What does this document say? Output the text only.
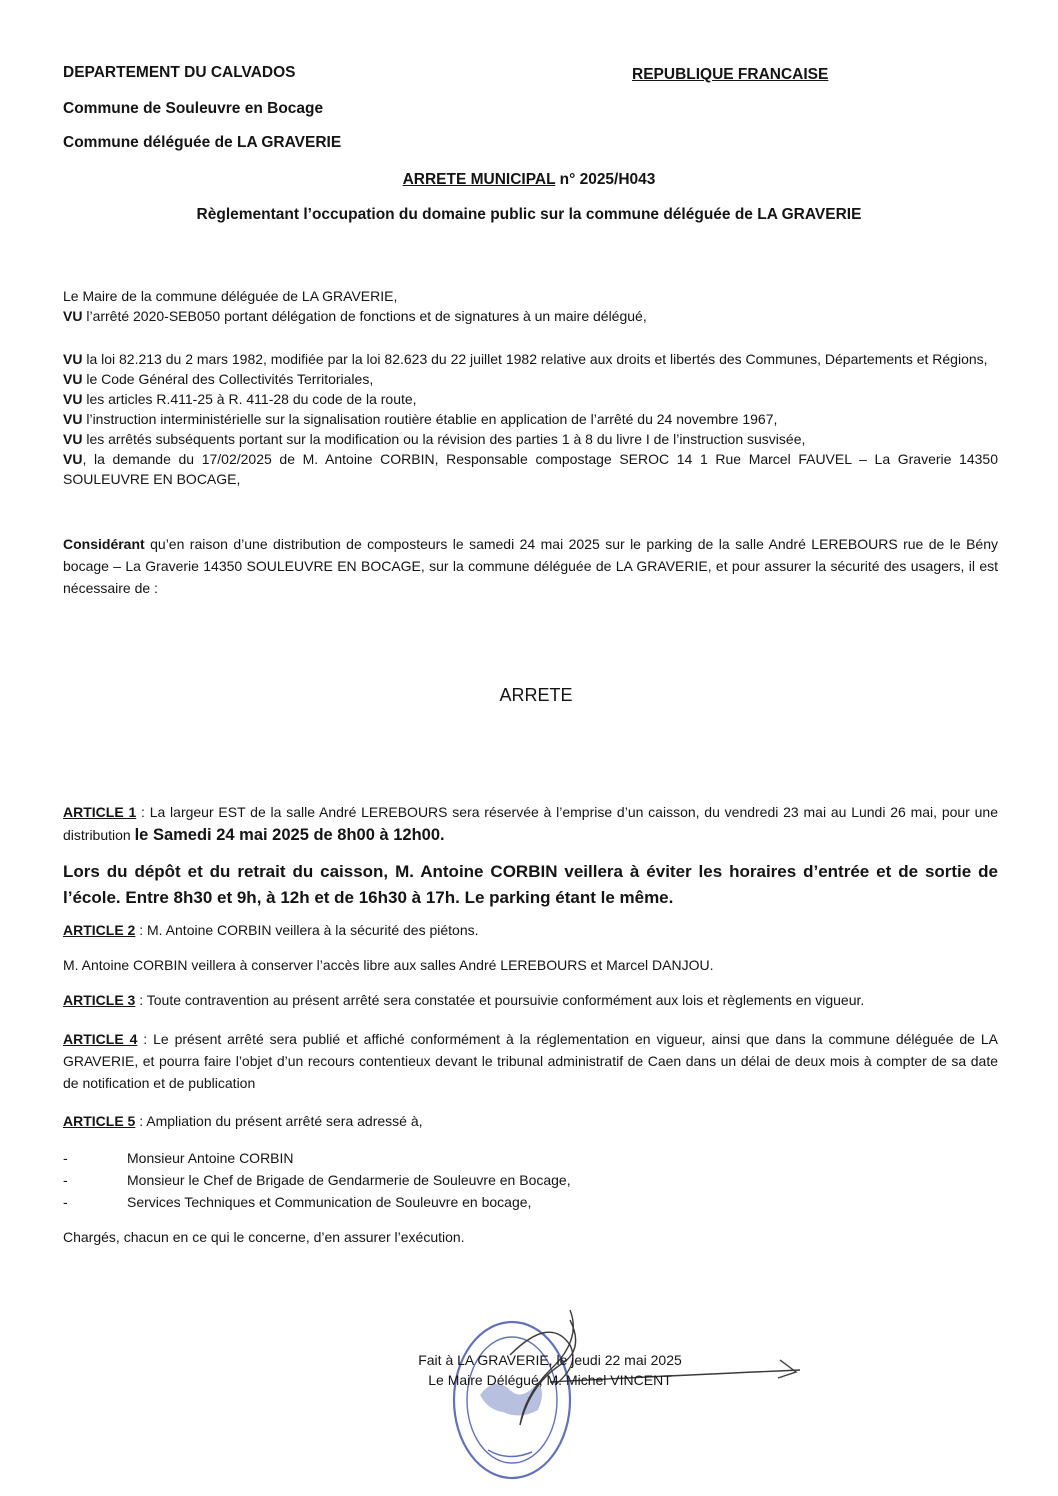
DEPARTEMENT DU CALVADOS	REPUBLIQUE FRANCAISE

Commune de Souleuvre en Bocage

Commune déléguée de LA GRAVERIE

ARRETE MUNICIPAL n° 2025/H043

Règlementant l’occupation du domaine public sur la commune déléguée de LA GRAVERIE

Le Maire de la commune déléguée de LA GRAVERIE,
VU l’arrêté 2020-SEB050 portant délégation de fonctions et de signatures à un maire délégué,
VU la loi 82.213 du 2 mars 1982, modifiée par la loi 82.623 du 22 juillet 1982 relative aux droits et libertés des Communes, Départements et Régions,
VU le Code Général des Collectivités Territoriales,
VU les articles R.411-25 à R. 411-28 du code de la route,
VU l’instruction interministérielle sur la signalisation routière établie en application de l’arrêté du 24 novembre 1967,
VU les arrêtés subséquents portant sur la modification ou la révision des parties 1 à 8 du livre I de l’instruction susvisée,
VU, la demande du 17/02/2025 de M. Antoine CORBIN, Responsable compostage SEROC 14 1 Rue Marcel FAUVEL – La Graverie 14350 SOULEUVRE EN BOCAGE,
Considérant qu’en raison d’une distribution de composteurs le samedi 24 mai 2025 sur le parking de la salle André LEREBOURS rue de le Bény bocage – La Graverie 14350 SOULEUVRE EN BOCAGE, sur la commune déléguée de LA GRAVERIE, et pour assurer la sécurité des usagers, il est nécessaire de :

ARRETE

ARTICLE 1 : La largeur EST de la salle André LEREBOURS sera réservée à l’emprise d’un caisson, du vendredi 23 mai au Lundi 26 mai, pour une distribution le Samedi 24 mai 2025 de 8h00 à 12h00.
Lors du dépôt et du retrait du caisson, M. Antoine CORBIN veillera à éviter les horaires d’entrée et de sortie de l’école. Entre 8h30 et 9h, à 12h et de 16h30 à 17h. Le parking étant le même.
ARTICLE 2 : M. Antoine CORBIN veillera à la sécurité des piétons.
M. Antoine CORBIN veillera à conserver l’accès libre aux salles André LEREBOURS et Marcel DANJOU.
ARTICLE 3 : Toute contravention au présent arrêté sera constatée et poursuivie conformément aux lois et règlements en vigueur.
ARTICLE 4 : Le présent arrêté sera publié et affiché conformément à la réglementation en vigueur, ainsi que dans la commune déléguée de LA GRAVERIE, et pourra faire l’objet d’un recours contentieux devant le tribunal administratif de Caen dans un délai de deux mois à compter de sa date de notification et de publication
ARTICLE 5 : Ampliation du présent arrêté sera adressé à,
-	Monsieur Antoine CORBIN
-	Monsieur le Chef de Brigade de Gendarmerie de Souleuvre en Bocage,
-	Services Techniques et Communication de Souleuvre en bocage,
Chargés, chacun en ce qui le concerne, d’en assurer l’exécution.
Fait à LA GRAVERIE, le jeudi 22 mai 2025
Le Maire Délégué, M. Michel VINCENT
